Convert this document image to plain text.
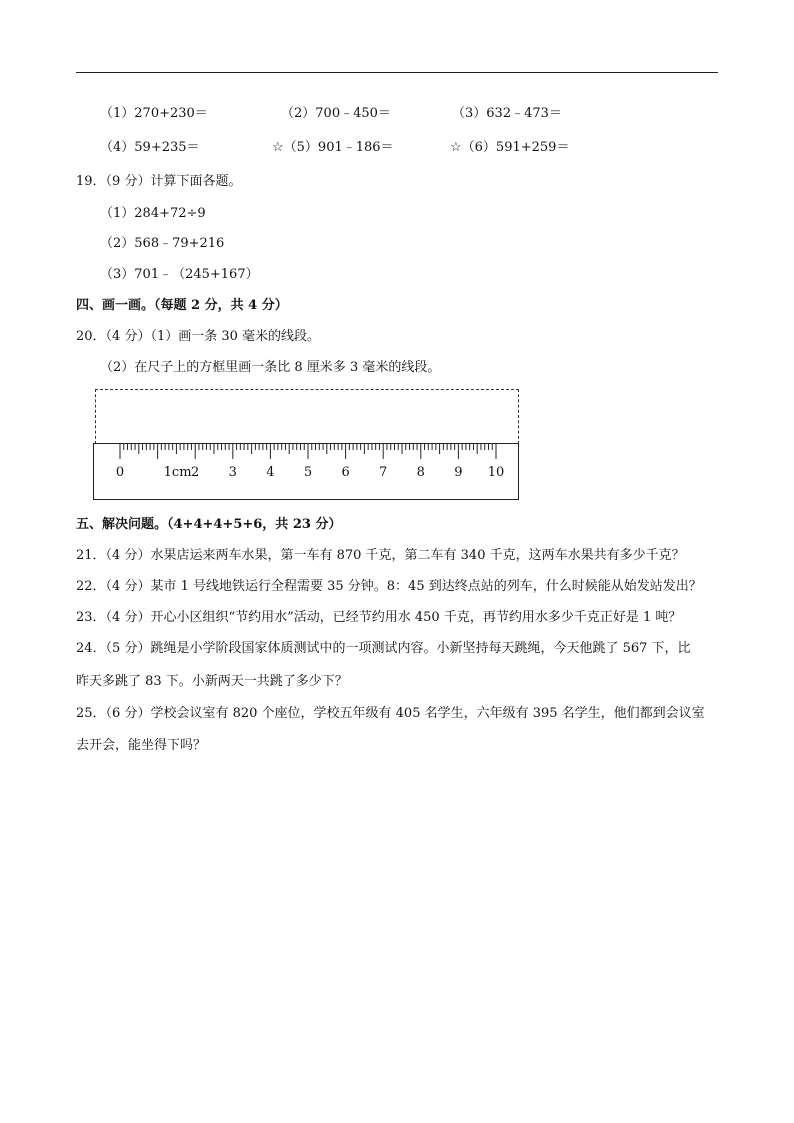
（1）270+230＝	（2）700﹣450＝	（3）632﹣473＝
（4）59+235＝	☆（5）901﹣186＝	☆（6）591+259＝
19．（9 分）计算下面各题。
（1）284+72÷9
（2）568﹣79+216
（3）701﹣（245+167）
四、画一画。（每题 2 分，共 4 分）
20．（4 分）（1）画一条 30 毫米的线段。
（2）在尺子上的方框里画一条比 8 厘米多 3 毫米的线段。
0	1cm 2 3 4 5 6 7 8 9 10
五、解决问题。（4+4+4+5+6，共 23 分）
21．（4 分）水果店运来两车水果，第一车有 870 千克，第二车有 340 千克，这两车水果共有多少千克？
22．（4 分）某市 1 号线地铁运行全程需要 35 分钟。8：45 到达终点站的列车，什么时候能从始发站发出？
23．（4 分）开心小区组织“节约用水”活动，已经节约用水 450 千克，再节约用水多少千克正好是 1 吨？
24．（5 分）跳绳是小学阶段国家体质测试中的一项测试内容。小新坚持每天跳绳，今天他跳了 567 下，比
昨天多跳了 83 下。小新两天一共跳了多少下？
25．（6 分）学校会议室有 820 个座位，学校五年级有 405 名学生，六年级有 395 名学生，他们都到会议室
去开会，能坐得下吗？
